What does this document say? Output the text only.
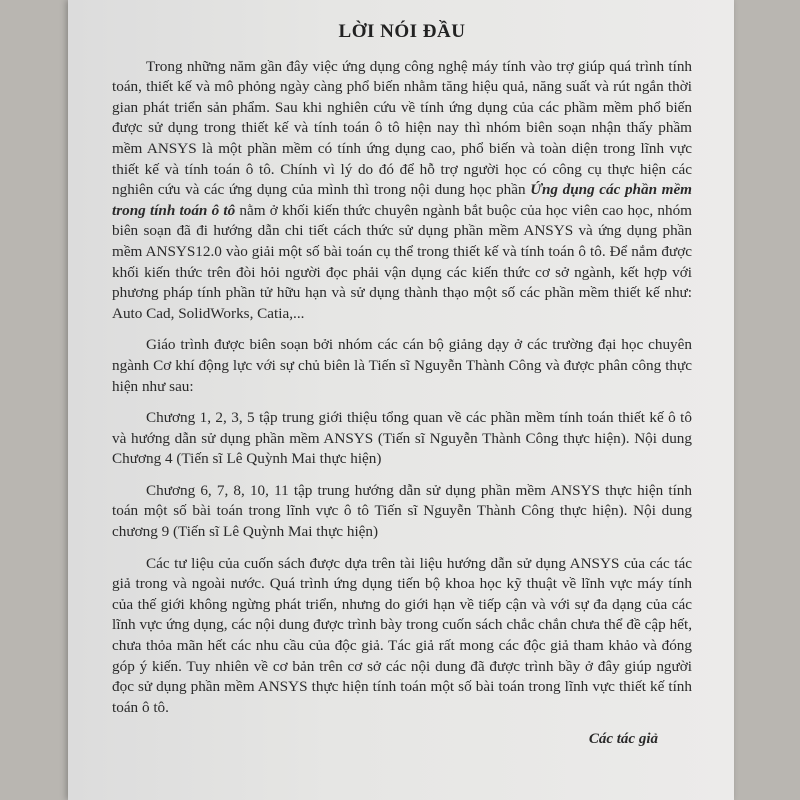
LỜI NÓI ĐẦU

Trong những năm gần đây việc ứng dụng công nghệ máy tính vào trợ giúp quá trình tính toán, thiết kế và mô phỏng ngày càng phổ biến nhằm tăng hiệu quả, năng suất và rút ngắn thời gian phát triển sản phẩm. Sau khi nghiên cứu về tính ứng dụng của các phầm mềm phổ biến được sử dụng trong thiết kế và tính toán ô tô hiện nay thì nhóm biên soạn nhận thấy phầm mềm ANSYS là một phần mềm có tính ứng dụng cao, phổ biến và toàn diện trong lĩnh vực thiết kế và tính toán ô tô. Chính vì lý do đó để hỗ trợ người học có công cụ thực hiện các nghiên cứu và các ứng dụng của mình thì trong nội dung học phần Ứng dụng các phần mềm trong tính toán ô tô nằm ở khối kiến thức chuyên ngành bắt buộc của học viên cao học, nhóm biên soạn đã đi hướng dẫn chi tiết cách thức sử dụng phần mềm ANSYS và ứng dụng phần mềm ANSYS12.0 vào giải một số bài toán cụ thể trong thiết kế và tính toán ô tô. Để nắm được khối kiến thức trên đòi hỏi người đọc phải vận dụng các kiến thức cơ sở ngành, kết hợp với phương pháp tính phần tử hữu hạn và sử dụng thành thạo một số các phần mềm thiết kế như: Auto Cad, SolidWorks, Catia,...

Giáo trình được biên soạn bởi nhóm các cán bộ giảng dạy ở các trường đại học chuyên ngành Cơ khí động lực với sự chủ biên là Tiến sĩ Nguyễn Thành Công và được phân công thực hiện như sau:

Chương 1, 2, 3, 5 tập trung giới thiệu tổng quan về các phần mềm tính toán thiết kế ô tô và hướng dẫn sử dụng phần mềm ANSYS (Tiến sĩ Nguyễn Thành Công thực hiện). Nội dung Chương 4 (Tiến sĩ Lê Quỳnh Mai thực hiện)

Chương 6, 7, 8, 10, 11 tập trung hướng dẫn sử dụng phần mềm ANSYS thực hiện tính toán một số bài toán trong lĩnh vực ô tô Tiến sĩ Nguyễn Thành Công thực hiện). Nội dung chương 9 (Tiến sĩ Lê Quỳnh Mai thực hiện)

Các tư liệu của cuốn sách được dựa trên tài liệu hướng dẫn sử dụng ANSYS của các tác giả trong và ngoài nước. Quá trình ứng dụng tiến bộ khoa học kỹ thuật về lĩnh vực máy tính của thế giới không ngừng phát triển, nhưng do giới hạn về tiếp cận và với sự đa dạng của các lĩnh vực ứng dụng, các nội dung được trình bày trong cuốn sách chắc chắn chưa thể đề cập hết, chưa thỏa mãn hết các nhu cầu của độc giả. Tác giả rất mong các độc giả tham khảo và đóng góp ý kiến. Tuy nhiên về cơ bản trên cơ sở các nội dung đã được trình bầy ở đây giúp người đọc sử dụng phần mềm ANSYS thực hiện tính toán một số bài toán trong lĩnh vực thiết kế tính toán ô tô.

Các tác giả
